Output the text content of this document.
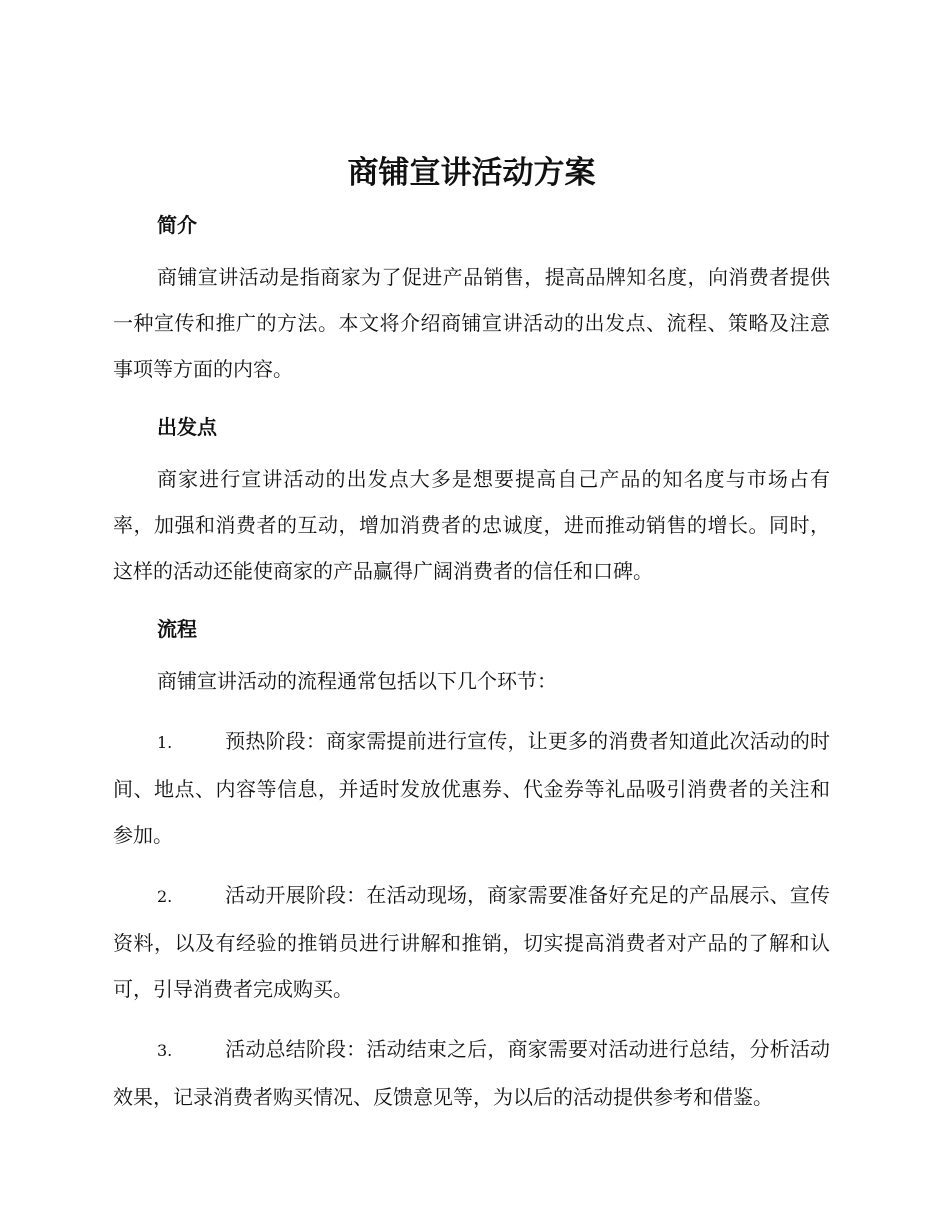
商铺宣讲活动方案
简介

商铺宣讲活动是指商家为了促进产品销售，提高品牌知名度，向消费者提供一种宣传和推广的方法。本文将介绍商铺宣讲活动的出发点、流程、策略及注意事项等方面的内容。

出发点

商家进行宣讲活动的出发点大多是想要提高自己产品的知名度与市场占有率，加强和消费者的互动，增加消费者的忠诚度，进而推动销售的增长。同时，这样的活动还能使商家的产品赢得广阔消费者的信任和口碑。

流程

商铺宣讲活动的流程通常包括以下几个环节：

1.	预热阶段：商家需提前进行宣传，让更多的消费者知道此次活动的时间、地点、内容等信息，并适时发放优惠券、代金券等礼品吸引消费者的关注和参加。

2.	活动开展阶段：在活动现场，商家需要准备好充足的产品展示、宣传资料，以及有经验的推销员进行讲解和推销，切实提高消费者对产品的了解和认可，引导消费者完成购买。

3.	活动总结阶段：活动结束之后，商家需要对活动进行总结，分析活动效果，记录消费者购买情况、反馈意见等，为以后的活动提供参考和借鉴。
